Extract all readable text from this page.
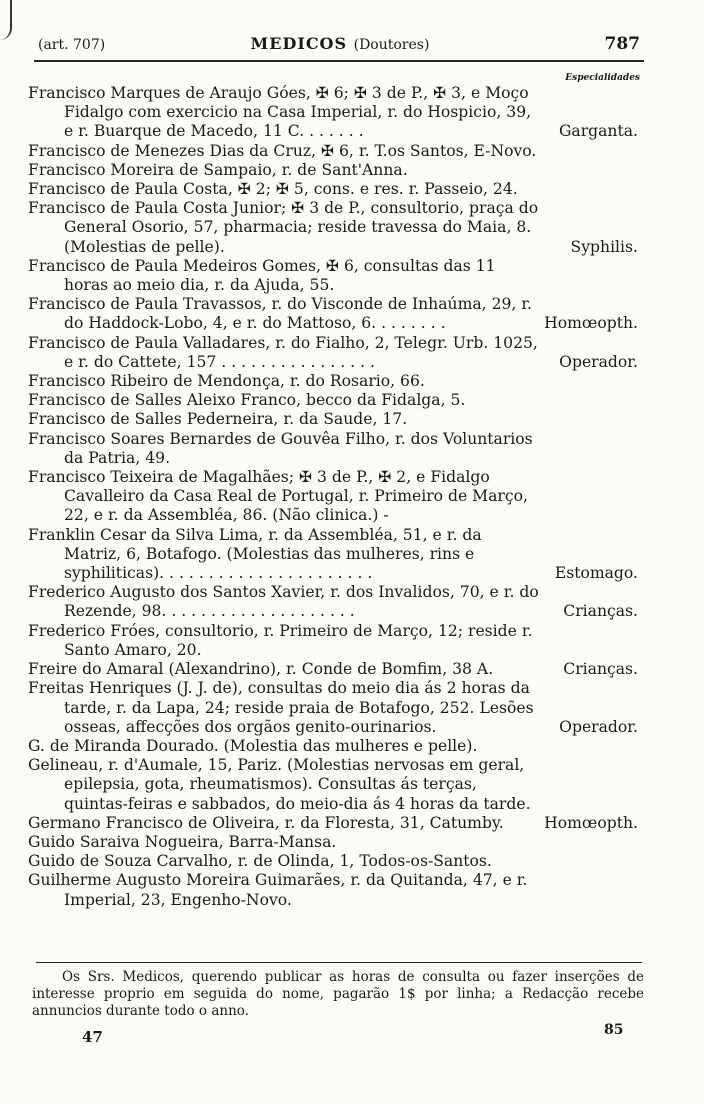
(art. 707)	MEDICOS (Doutores)	787
Especialidades
Francisco Marques de Araujo Góes, ✠ 6; ✠ 3 de P., ✠ 3, e Moço Fidalgo com exercicio na Casa Imperial, r. do Hospicio, 39, e r. Buarque de Macedo, 11 C. . . . . . .	Garganta.
Francisco de Menezes Dias da Cruz, ✠ 6, r. T.os Santos, E-Novo.
Francisco Moreira de Sampaio, r. de Sant'Anna.
Francisco de Paula Costa, ✠ 2; ✠ 5, cons. e res. r. Passeio, 24.
Francisco de Paula Costa Junior; ✠ 3 de P., consultorio, praça do General Osorio, 57, pharmacia; reside travessa do Maia, 8. (Molestias de pelle).	Syphilis.
Francisco de Paula Medeiros Gomes, ✠ 6, consultas das 11 horas ao meio dia, r. da Ajuda, 55.
Francisco de Paula Travassos, r. do Visconde de Inhaúma, 29, r. do Haddock-Lobo, 4, e r. do Mattoso, 6. . . . . . . .	Homœopth.
Francisco de Paula Valladares, r. do Fialho, 2, Telegr. Urb. 1025, e r. do Cattete, 157 . . . . . . . . . . . . . . . .	Operador.
Francisco Ribeiro de Mendonça, r. do Rosario, 66.
Francisco de Salles Aleixo Franco, becco da Fidalga, 5.
Francisco de Salles Pederneira, r. da Saude, 17.
Francisco Soares Bernardes de Gouvêa Filho, r. dos Voluntarios da Patria, 49.
Francisco Teixeira de Magalhães; ✠ 3 de P., ✠ 2, e Fidalgo Cavalleiro da Casa Real de Portugal, r. Primeiro de Março, 22, e r. da Assembléa, 86. (Não clinica.) -
Franklin Cesar da Silva Lima, r. da Assembléa, 51, e r. da Matriz, 6, Botafogo. (Molestias das mulheres, rins e syphiliticas). . . . . . . . . . . . . . . . . . . . . .	Estomago.
Frederico Augusto dos Santos Xavier, r. dos Invalidos, 70, e r. do Rezende, 98. . . . . . . . . . . . . . . . . . . .	Crianças.
Frederico Fróes, consultorio, r. Primeiro de Março, 12; reside r. Santo Amaro, 20.
Freire do Amaral (Alexandrino), r. Conde de Bomfim, 38 A.	Crianças.
Freitas Henriques (J. J. de), consultas do meio dia ás 2 horas da tarde, r. da Lapa, 24; reside praia de Botafogo, 252. Lesões osseas, affecções dos orgãos genito-ourinarios.	Operador.
G. de Miranda Dourado. (Molestia das mulheres e pelle).
Gelineau, r. d'Aumale, 15, Pariz. (Molestias nervosas em geral, epilepsia, gota, rheumatismos). Consultas ás terças, quintas-feiras e sabbados, do meio-dia ás 4 horas da tarde.
Germano Francisco de Oliveira, r. da Floresta, 31, Catumby.	Homœopth.
Guido Saraiva Nogueira, Barra-Mansa.
Guido de Souza Carvalho, r. de Olinda, 1, Todos-os-Santos.
Guilherme Augusto Moreira Guimarães, r. da Quitanda, 47, e r. Imperial, 23, Engenho-Novo.
Os Srs. Medicos, querendo publicar as horas de consulta ou fazer inserções de interesse proprio em seguida do nome, pagarão 1$ por linha; a Redacção recebe annuncios durante todo o anno.
47	85
